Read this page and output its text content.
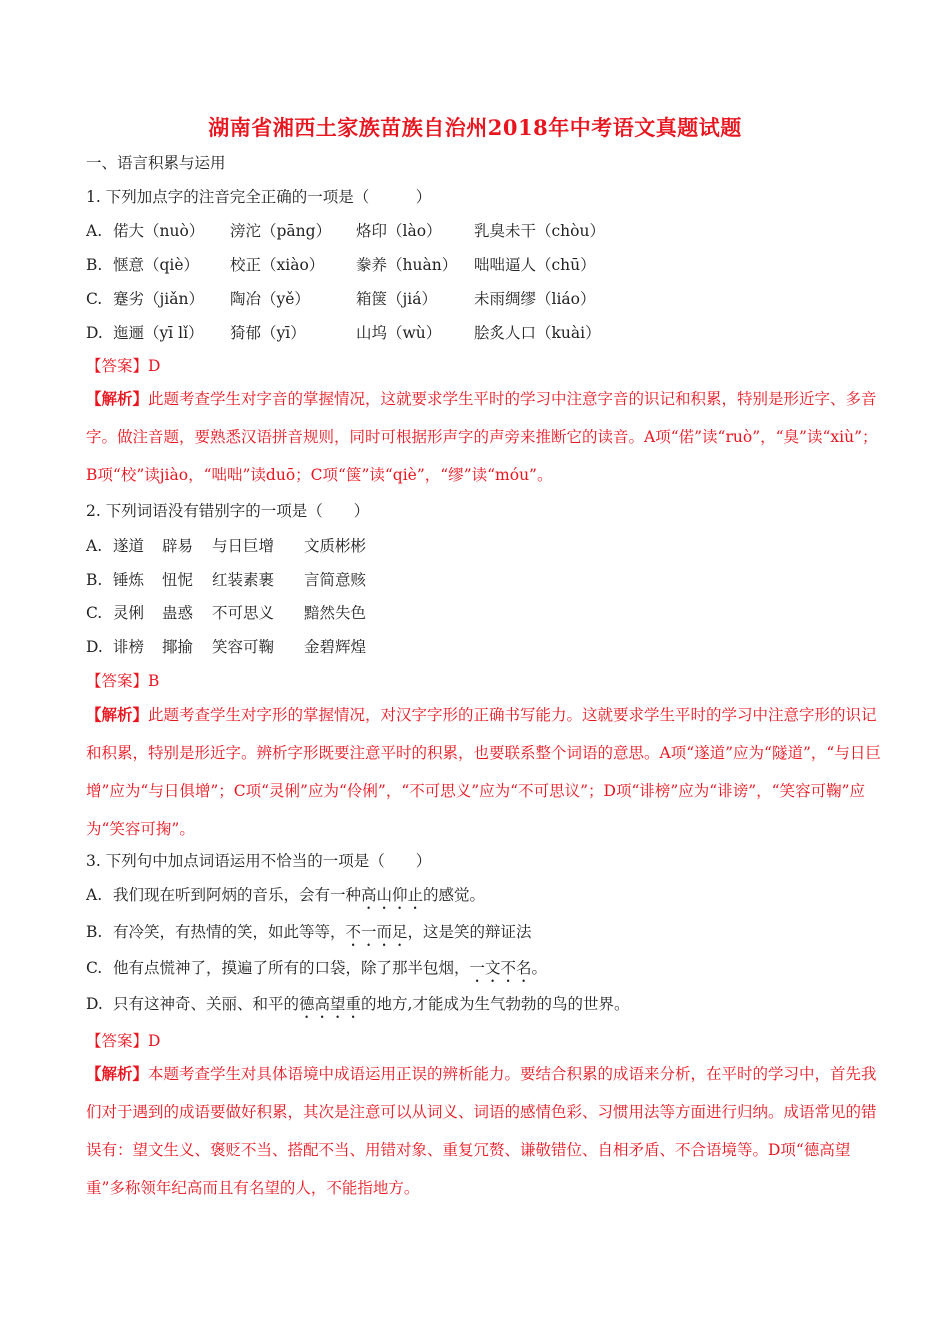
湖南省湘西土家族苗族自治州2018年中考语文真题试题
一、语言积累与运用
1. 下列加点字的注音完全正确的一项是（　　　）
A. 偌大（nuò）	滂沱（pāng）	烙印（lào）	乳臭未干（chòu）
B. 惬意（qiè）	校正（xiào）	豢养（huàn）	咄咄逼人（chū）
C. 蹇劣（jiǎn）	陶冶（yě）	箱箧（jiá）	未雨绸缪（liáo）
D. 迤逦（yī lǐ）	猗郁（yī）	山坞（wù）	脍炙人口（kuài）
【答案】D
【解析】此题考查学生对字音的掌握情况，这就要求学生平时的学习中注意字音的识记和积累，特别是形近字、多音字。做注音题，要熟悉汉语拼音规则，同时可根据形声字的声旁来推断它的读音。A项“偌”读“ruò”，“臭”读“xiù”；B项“校”读jiào，“咄咄”读duō；C项“箧”读“qiè”，“缪”读“móu”。
2. 下列词语没有错别字的一项是（　　）
A. 遂道	辟易	与日巨增	文质彬彬
B. 锤炼	忸怩	红装素裹	言简意赅
C. 灵俐	蛊惑	不可思义	黯然失色
D. 诽榜	揶揄	笑容可鞠	金碧辉煌
【答案】B
【解析】此题考查学生对字形的掌握情况，对汉字字形的正确书写能力。这就要求学生平时的学习中注意字形的识记和积累，特别是形近字。辨析字形既要注意平时的积累，也要联系整个词语的意思。A项“遂道”应为“隧道”，“与日巨增”应为“与日俱增”；C项“灵俐”应为“伶俐”，“不可思义”应为“不可思议”；D项“诽榜”应为“诽谤”，“笑容可鞠”应为“笑容可掬”。
3. 下列句中加点词语运用不恰当的一项是（　　）
A. 我们现在听到阿炳的音乐，会有一种高山仰止的感觉。
B. 有冷笑，有热情的笑，如此等等，不一而足，这是笑的辩证法
C. 他有点慌神了，摸遍了所有的口袋，除了那半包烟，一文不名。
D. 只有这神奇、关丽、和平的德高望重的地方,才能成为生气勃勃的鸟的世界。
【答案】D
【解析】本题考查学生对具体语境中成语运用正误的辨析能力。要结合积累的成语来分析，在平时的学习中，首先我们对于遇到的成语要做好积累，其次是注意可以从词义、词语的感情色彩、习惯用法等方面进行归纳。成语常见的错误有：望文生义、褒贬不当、搭配不当、用错对象、重复冗赘、谦敬错位、自相矛盾、不合语境等。D项“德高望重”多称领年纪高而且有名望的人，不能指地方。
